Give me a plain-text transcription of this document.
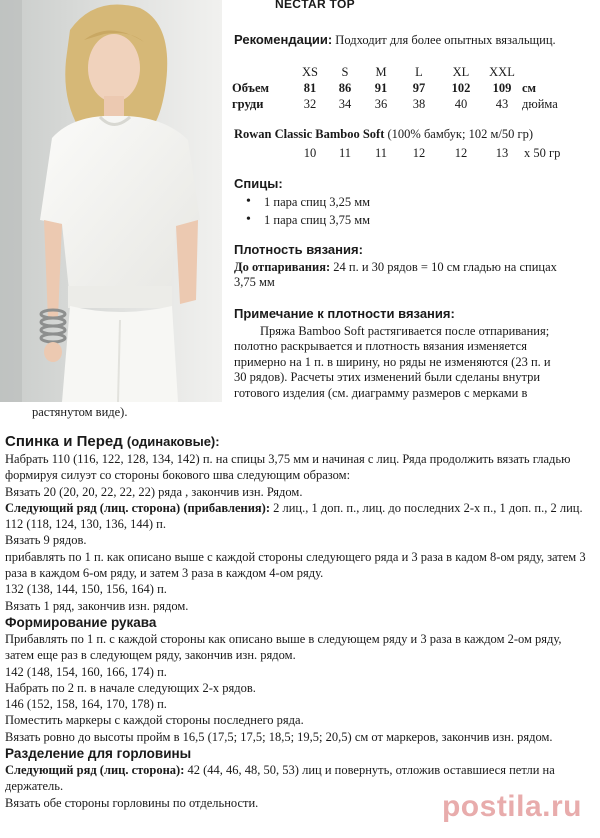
NECTAR TOP
Рекомендации: Подходит для более опытных вязальщиц.
	XS	S	M	L	XL	XXL	
Объем	81	86	91	97	102	109	см
груди	32	34	36	38	40	43	дюйма
Rowan Classic Bamboo Soft (100% бамбук; 102 м/50 гр)
10	11	11	12	12	13	x 50 гр
Спицы:
• 1 пара спиц 3,25 мм
• 1 пара спиц 3,75 мм
Плотность вязания:
До отпаривания: 24 п. и 30 рядов = 10 см гладью на спицах
3,75 мм
Примечание к плотности вязания:
Пряжа Bamboo Soft растягивается после отпаривания;
полотно раскрывается и плотность вязания изменяется
примерно на 1 п. в ширину, но ряды не изменяются (23 п. и
30 рядов). Расчеты этих изменений были сделаны внутри
готового изделия (см. диаграмму размеров с мерками в
растянутом виде).
Спинка и Перед (одинаковые):

Набрать 110 (116, 122, 128, 134, 142) п. на спицы 3,75 мм и начиная с лиц. Ряда продолжить вязать гладью формируя силуэт со стороны бокового шва следующим образом:

Вязать 20 (20, 20, 22, 22, 22) ряда , закончив изн. Рядом.

Следующий ряд (лиц. сторона) (прибавления): 2 лиц., 1 доп. п., лиц. до последних 2-х п., 1 доп. п., 2 лиц.

112 (118, 124, 130, 136, 144) п.

Вязать 9 рядов.

прибавлять по 1 п. как описано выше с каждой стороны следующего ряда и 3 раза в кадом 8-ом ряду, затем 3 раза в каждом 6-ом ряду, и затем 3 раза в каждом 4-ом ряду.

132 (138, 144, 150, 156, 164) п.

Вязать 1 ряд, закончив изн. рядом.

Формирование рукава

Прибавлять по 1 п. с каждой стороны как описано выше в следующем ряду и 3 раза в каждом 2-ом ряду, затем еще раз в следующем ряду, закончив изн. рядом.

142 (148, 154, 160, 166, 174) п.

Набрать по 2 п. в начале следующих 2-х рядов.

146 (152, 158, 164, 170, 178) п.

Поместить маркеры с каждой стороны последнего ряда.

Вязать ровно до высоты пройм в 16,5 (17,5; 17,5; 18,5; 19,5; 20,5) см от маркеров, закончив изн. рядом.

Разделение для горловины

Следующий ряд (лиц. сторона): 42 (44, 46, 48, 50, 53) лиц и повернуть, отложив оставшиеся петли на держатель.

Вязать обе стороны горловины по отдельности.	postila.ru
